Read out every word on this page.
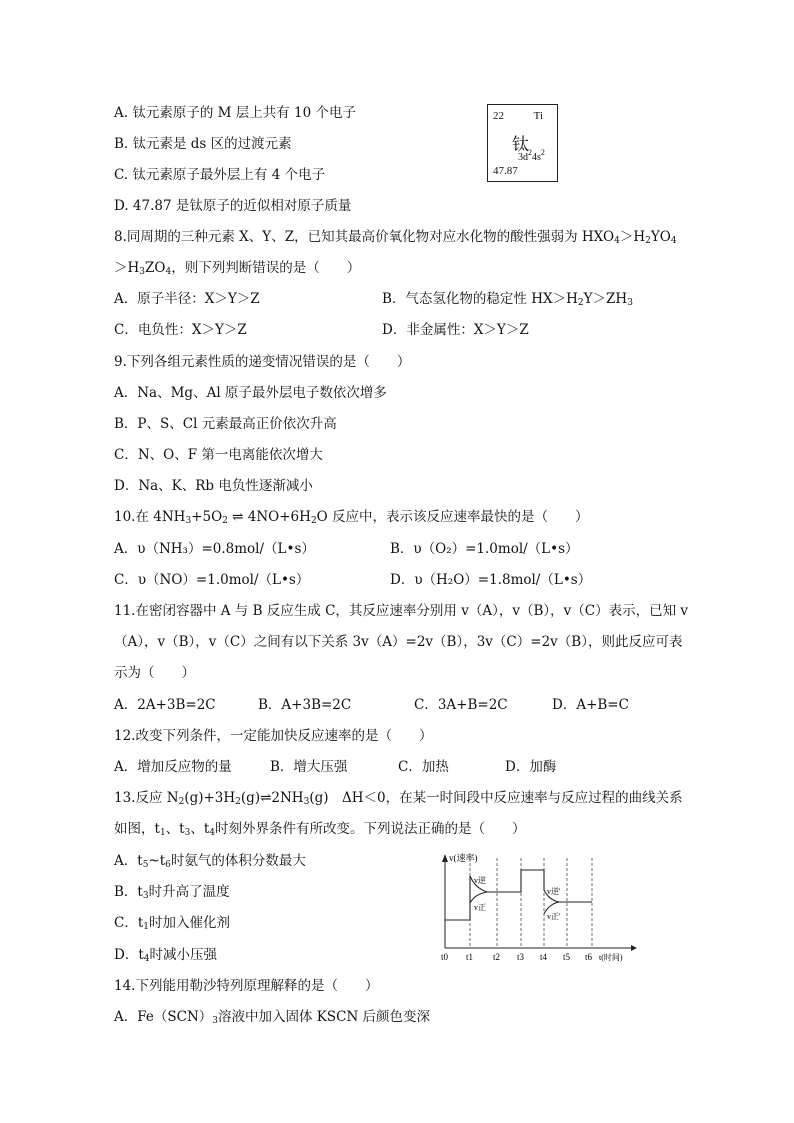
A. 钛元素原子的 M 层上共有 10 个电子
B. 钛元素是 ds 区的过渡元素
C. 钛元素原子最外层上有 4 个电子
D. 47.87 是钛原子的近似相对原子质量
22	Ti
钛
$3d^24s^2$
47.87
8.同周期的三种元素 X、Y、Z，已知其最高价氧化物对应水化物的酸性强弱为 $HXO_4>H_2YO_4$
$>H_3ZO_4$，则下列判断错误的是（　　）
A．原子半径：X＞Y＞Z	B．气态氢化物的稳定性 $HX>H_2Y>ZH_3$
C．电负性：X＞Y＞Z	D．非金属性：X＞Y＞Z
9.下列各组元素性质的递变情况错误的是（　　）
A．Na、Mg、Al 原子最外层电子数依次增多
B．P、S、Cl 元素最高正价依次升高
C．N、O、F 第一电离能依次增大
D．Na、K、Rb 电负性逐渐减小
10.在 $4NH_3+5O_2$ ⇌ $4NO+6H_2O$ 反应中，表示该反应速率最快的是（　　）
A．υ（NH₃）=0.8mol/（L•s）	B．υ（O₂）=1.0mol/（L•s）
C．υ（NO）=1.0mol/（L•s）	D．υ（H₂O）=1.8mol/（L•s）
11.在密闭容器中 A 与 B 反应生成 C，其反应速率分别用 v（A），v（B），v（C）表示，已知 v
（A），v（B），v（C）之间有以下关系 3v（A）=2v（B），3v（C）=2v（B），则此反应可表
示为（　　）
A．2A+3B=2C	B．A+3B=2C	C．3A+B=2C	D．A+B=C
12.改变下列条件，一定能加快反应速率的是（　　）
A．增加反应物的量	B．增大压强	C．加热	D．加酶
13.反应 $N_2(g)+3H_2(g)\rightleftharpoons 2NH_3(g)$　ΔH＜0，在某一时间段中反应速率与反应过程的曲线关系
如图，$t_1$、$t_3$、$t_4$时刻外界条件有所改变。下列说法正确的是（　　）
A．$t_5\sim t_6$时氨气的体积分数最大
B．$t_3$时升高了温度
C．$t_1$时加入催化剂
D．$t_4$时减小压强
v(速率)
v逆
v正
v逆'
v正'
t0 t1 t2 t3 t4 t5 t6 t(时间)
14.下列能用勒沙特列原理解释的是（　　）
A．$Fe(SCN)_3$溶液中加入固体 KSCN 后颜色变深
